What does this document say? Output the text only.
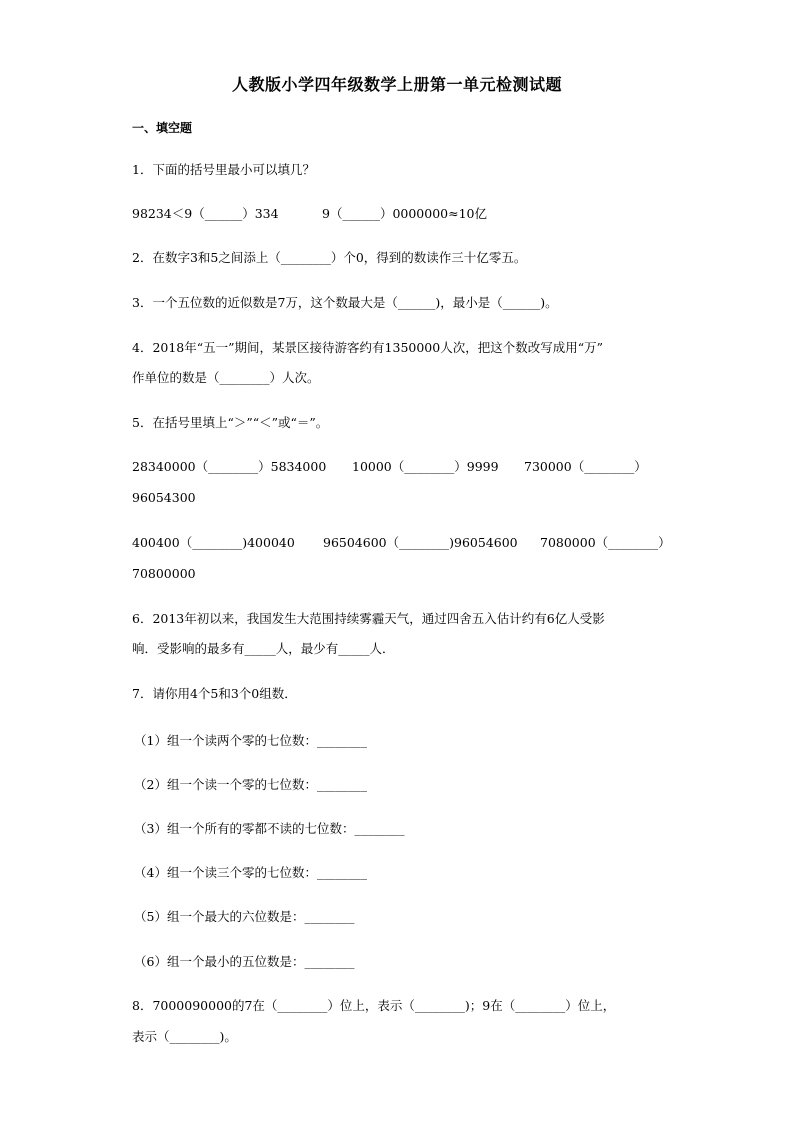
人教版小学四年级数学上册第一单元检测试题
一、填空题
1．下面的括号里最小可以填几？
98234＜9（______）334	9（______）0000000≈10亿
2．在数字3和5之间添上（________）个0，得到的数读作三十亿零五。
3．一个五位数的近似数是7万，这个数最大是（______)，最小是（______)。
4．2018年“五一”期间，某景区接待游客约有1350000人次，把这个数改写成用“万”
作单位的数是（________）人次。
5．在括号里填上“＞”“＜”或“＝”。
28340000（________）5834000 10000（________）9999 730000（________）
96054300
400400（________)400040 96504600（________)96054600 7080000（________）
70800000
6．2013年初以来，我国发生大范围持续雾霾天气，通过四舍五入估计约有6亿人受影
响．受影响的最多有_____人，最少有_____人．
7．请你用4个5和3个0组数．
（1）组一个读两个零的七位数：________
（2）组一个读一个零的七位数：________
（3）组一个所有的零都不读的七位数：________
（4）组一个读三个零的七位数：________
（5）组一个最大的六位数是：________
（6）组一个最小的五位数是：________
8．7000090000的7在（________）位上，表示（________)；9在（________）位上，
表示（________)。
